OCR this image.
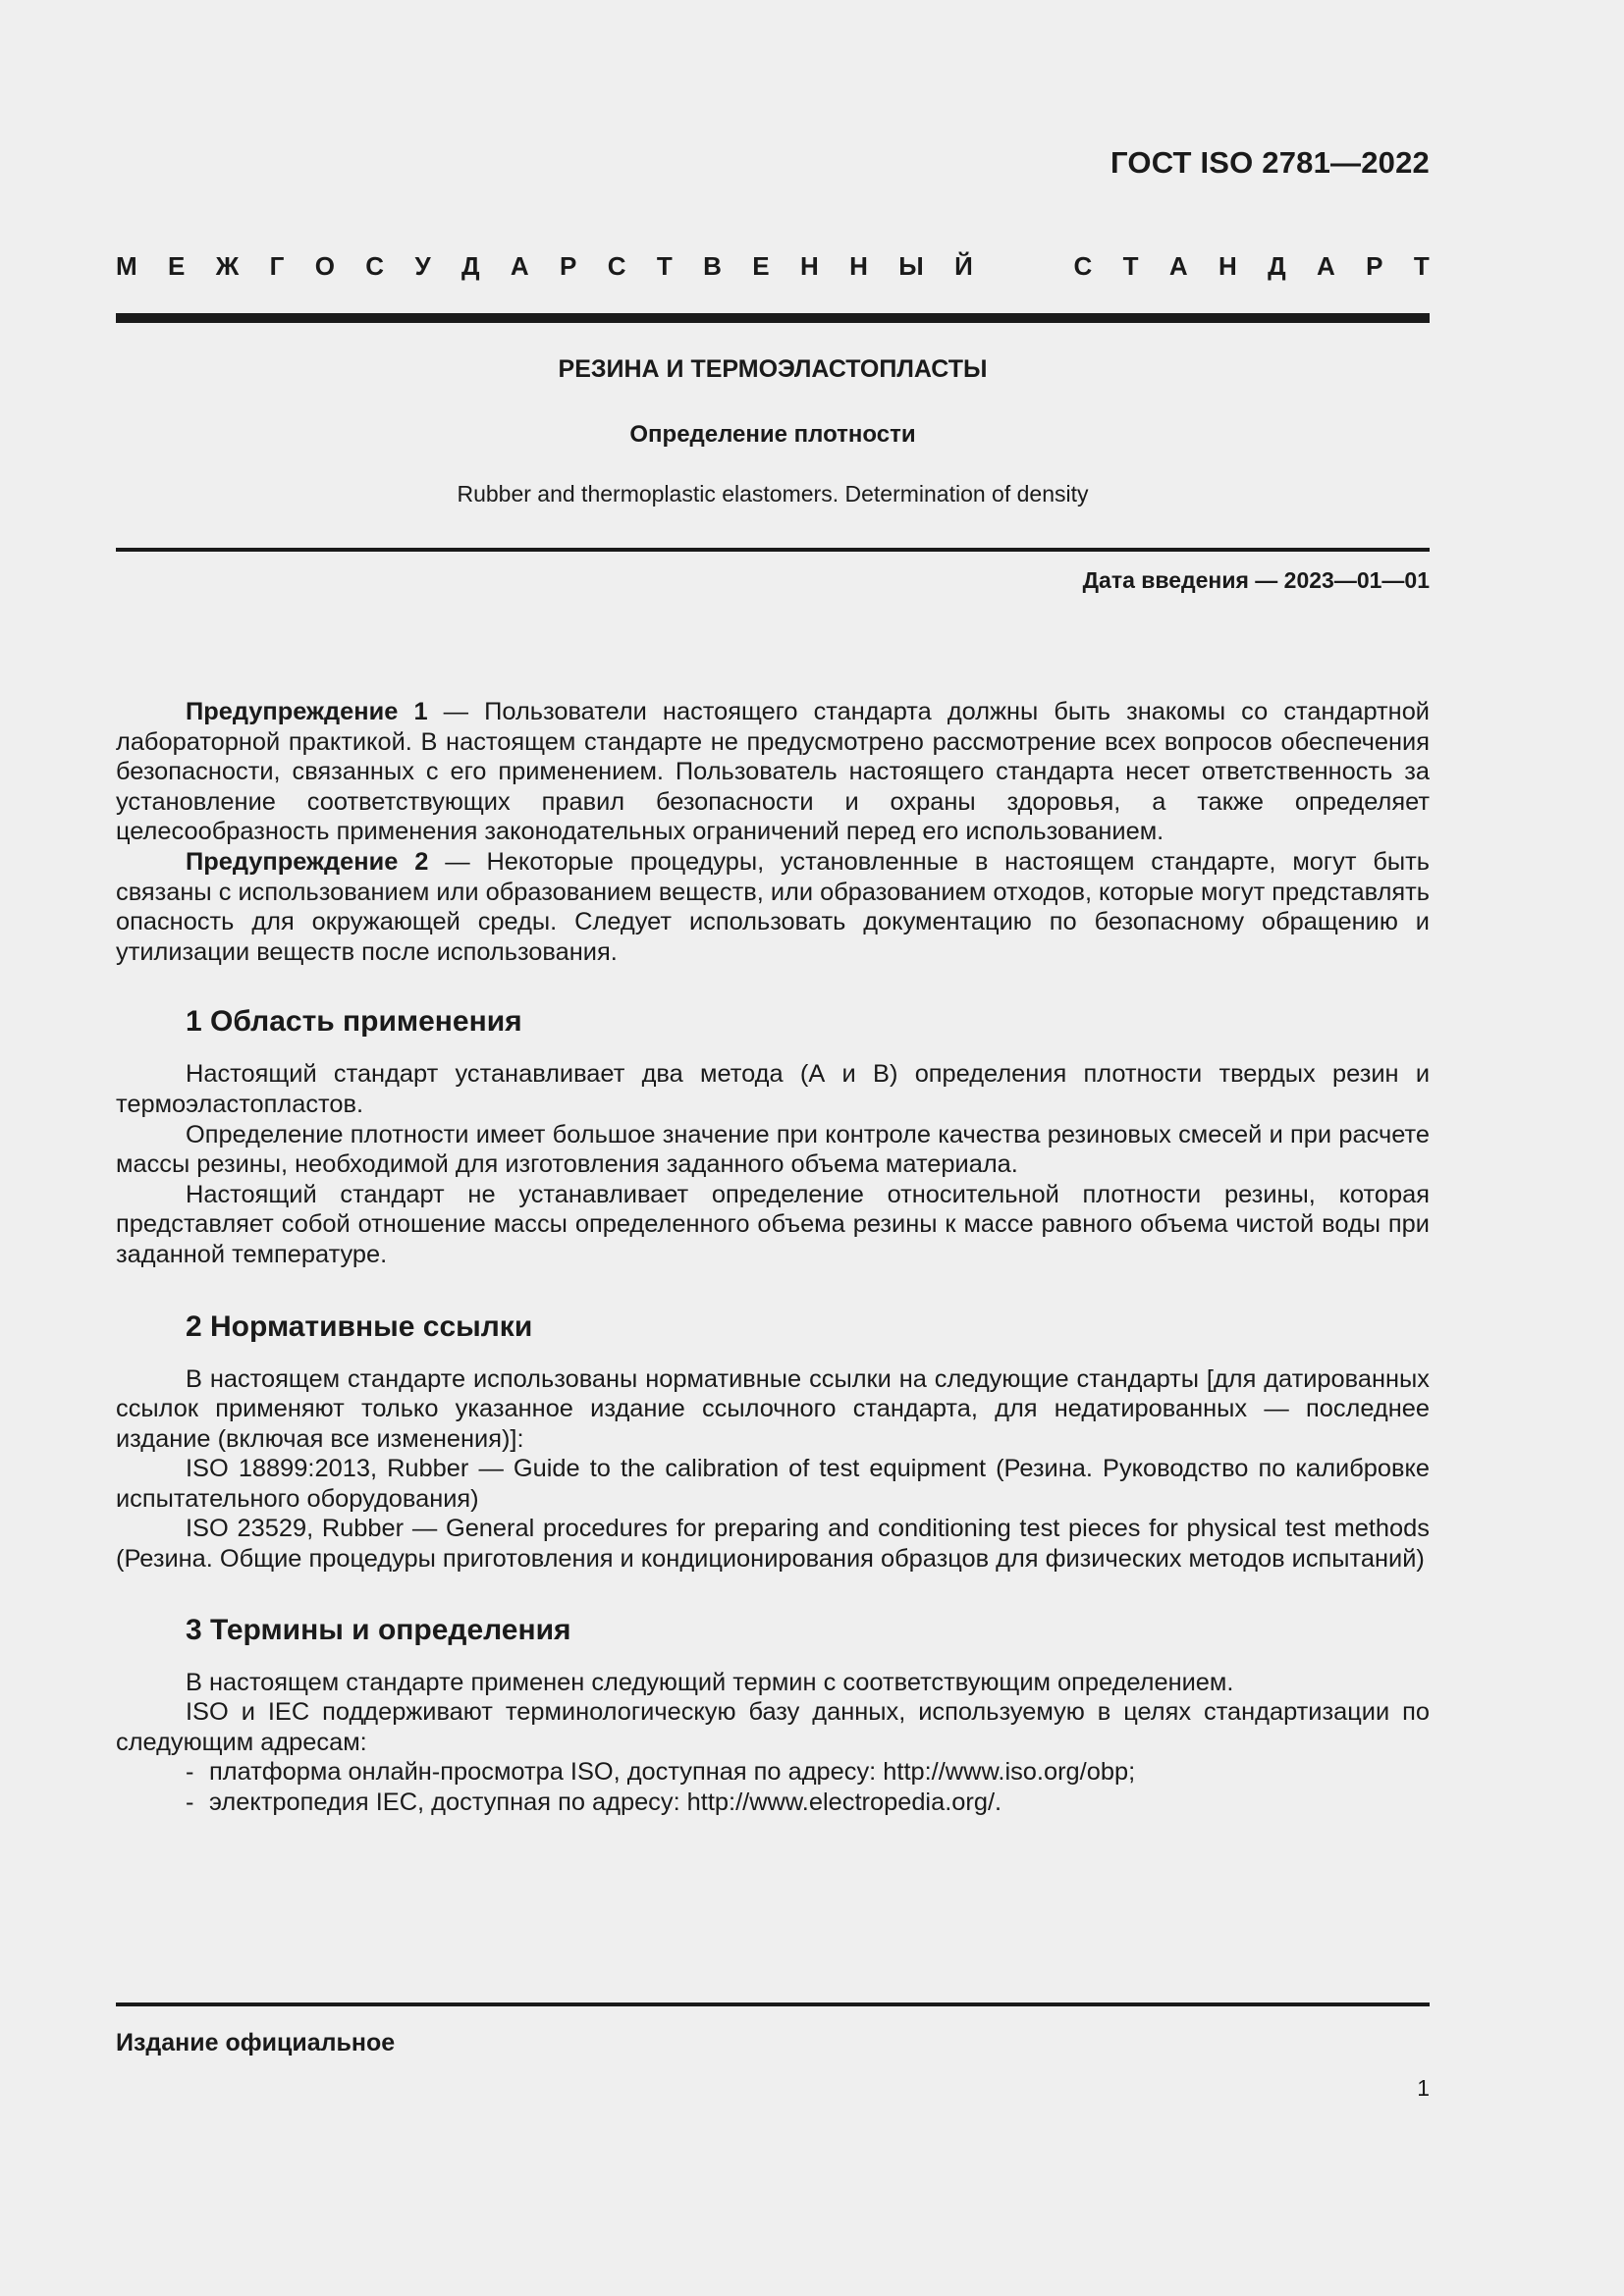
ГОСТ ISO 2781—2022
М Е Ж Г О С У Д А Р С Т В Е Н Н Ы Й	С Т А Н Д А Р Т
РЕЗИНА И ТЕРМОЭЛАСТОПЛАСТЫ
Определение плотности
Rubber and thermoplastic elastomers. Determination of density
Дата введения — 2023—01—01

Предупреждение 1 — Пользователи настоящего стандарта должны быть знакомы со стандартной лабораторной практикой. В настоящем стандарте не предусмотрено рассмотрение всех вопросов обеспечения безопасности, связанных с его применением. Пользователь настоящего стандарта несет ответственность за установление соответствующих правил безопасности и охраны здоровья, а также определяет целесообразность применения законодательных ограничений перед его использованием.

Предупреждение 2 — Некоторые процедуры, установленные в настоящем стандарте, могут быть связаны с использованием или образованием веществ, или образованием отходов, которые могут представлять опасность для окружающей среды. Следует использовать документацию по безопасному обращению и утилизации веществ после использования.

1 Область применения

Настоящий стандарт устанавливает два метода (А и В) определения плотности твердых резин и термоэластопластов.

Определение плотности имеет большое значение при контроле качества резиновых смесей и при расчете массы резины, необходимой для изготовления заданного объема материала.

Настоящий стандарт не устанавливает определение относительной плотности резины, которая представляет собой отношение массы определенного объема резины к массе равного объема чистой воды при заданной температуре.

2 Нормативные ссылки

В настоящем стандарте использованы нормативные ссылки на следующие стандарты [для датированных ссылок применяют только указанное издание ссылочного стандарта, для недатированных — последнее издание (включая все изменения)]:

ISO 18899:2013, Rubber — Guide to the calibration of test equipment (Резина. Руководство по калибровке испытательного оборудования)

ISO 23529, Rubber — General procedures for preparing and conditioning test pieces for physical test methods (Резина. Общие процедуры приготовления и кондиционирования образцов для физических методов испытаний)

3 Термины и определения

В настоящем стандарте применен следующий термин с соответствующим определением.

ISO и IEC поддерживают терминологическую базу данных, используемую в целях стандартизации по следующим адресам:

- платформа онлайн-просмотра ISO, доступная по адресу: http://www.iso.org/obp;

- электропедия IEC, доступная по адресу: http://www.electropedia.org/.

Издание официальное
1
